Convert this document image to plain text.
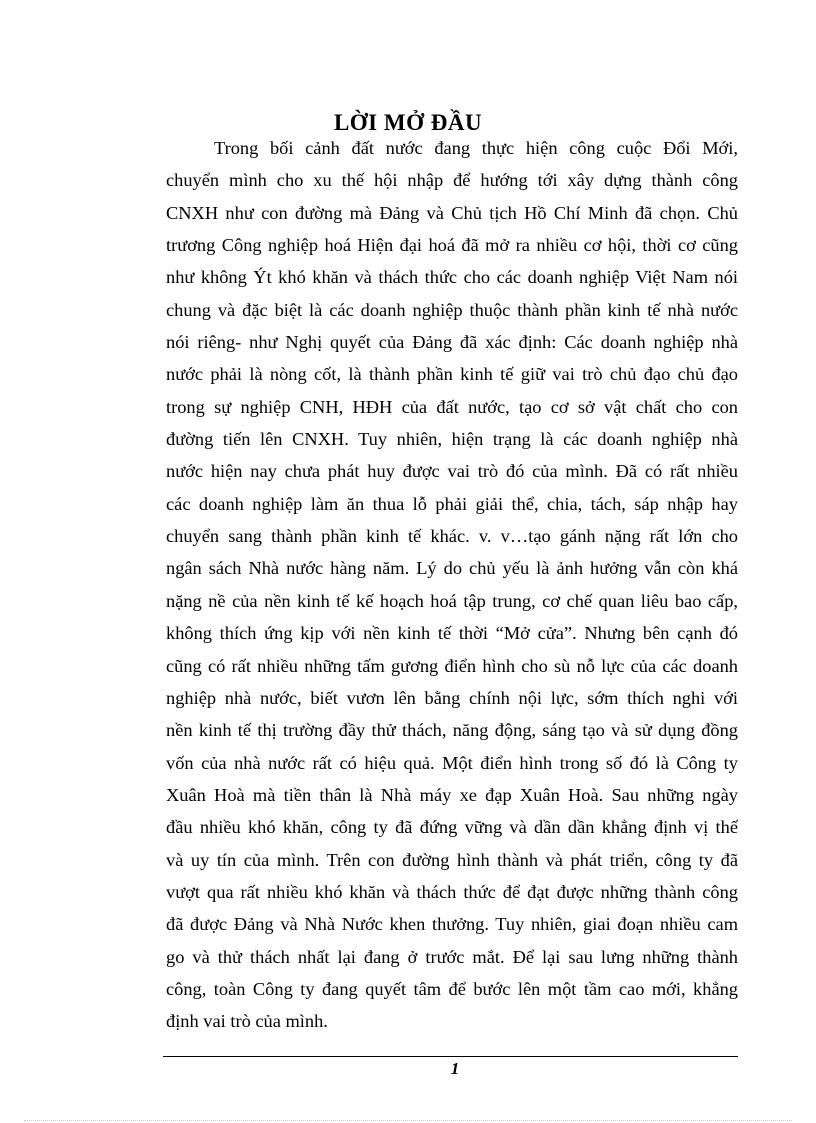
LỜI MỞ ĐẦU
Trong bối cảnh đất nước đang thực hiện công cuộc Đổi Mới,
chuyển mình cho xu thế hội nhập để hướng tới xây dựng thành công
CNXH như con đường mà Đảng và Chủ tịch Hồ Chí Minh đã chọn. Chủ
trương Công nghiệp hoá Hiện đại hoá đã mở ra nhiều cơ hội, thời cơ cũng
như không Ýt khó khăn và thách thức cho các doanh nghiệp Việt Nam nói
chung và đặc biệt là các doanh nghiệp thuộc thành phần kinh tế nhà nước
nói riêng- như Nghị quyết của Đảng đã xác định: Các doanh nghiệp nhà
nước phải là nòng cốt, là thành phần kinh tế giữ vai trò chủ đạo chủ đạo
trong sự nghiệp CNH, HĐH của đất nước, tạo cơ sở vật chất cho con
đường tiến lên CNXH. Tuy nhiên, hiện trạng là các doanh nghiệp nhà
nước hiện nay chưa phát huy được vai trò đó của mình. Đã có rất nhiều
các doanh nghiệp làm ăn thua lỗ phải giải thể, chia, tách, sáp nhập hay
chuyển sang thành phần kinh tế khác. v. v…tạo gánh nặng rất lớn cho
ngân sách Nhà nước hàng năm. Lý do chủ yếu là ảnh hưởng vẫn còn khá
nặng nề của nền kinh tế kế hoạch hoá tập trung, cơ chế quan liêu bao cấp,
không thích ứng kịp với nền kinh tế thời “Mở cửa”. Nhưng bên cạnh đó
cũng có rất nhiều những tấm gương điển hình cho sù nỗ lực của các doanh
nghiệp nhà nước, biết vươn lên bằng chính nội lực, sớm thích nghi với
nền kinh tế thị trường đầy thử thách, năng động, sáng tạo và sử dụng đồng
vốn của nhà nước rất có hiệu quả. Một điển hình trong số đó là Công ty
Xuân Hoà mà tiền thân là Nhà máy xe đạp Xuân Hoà. Sau những ngày
đầu nhiều khó khăn, công ty đã đứng vững và dần dần khẳng định vị thế
và uy tín của mình. Trên con đường hình thành và phát triển, công ty đã
vượt qua rất nhiều khó khăn và thách thức để đạt được những thành công
đã được Đảng và Nhà Nước khen thưởng. Tuy nhiên, giai đoạn nhiều cam
go và thử thách nhất lại đang ở trước mắt. Để lại sau lưng những thành
công, toàn Công ty đang quyết tâm để bước lên một tầm cao mới, khẳng
định vai trò của mình.
1
